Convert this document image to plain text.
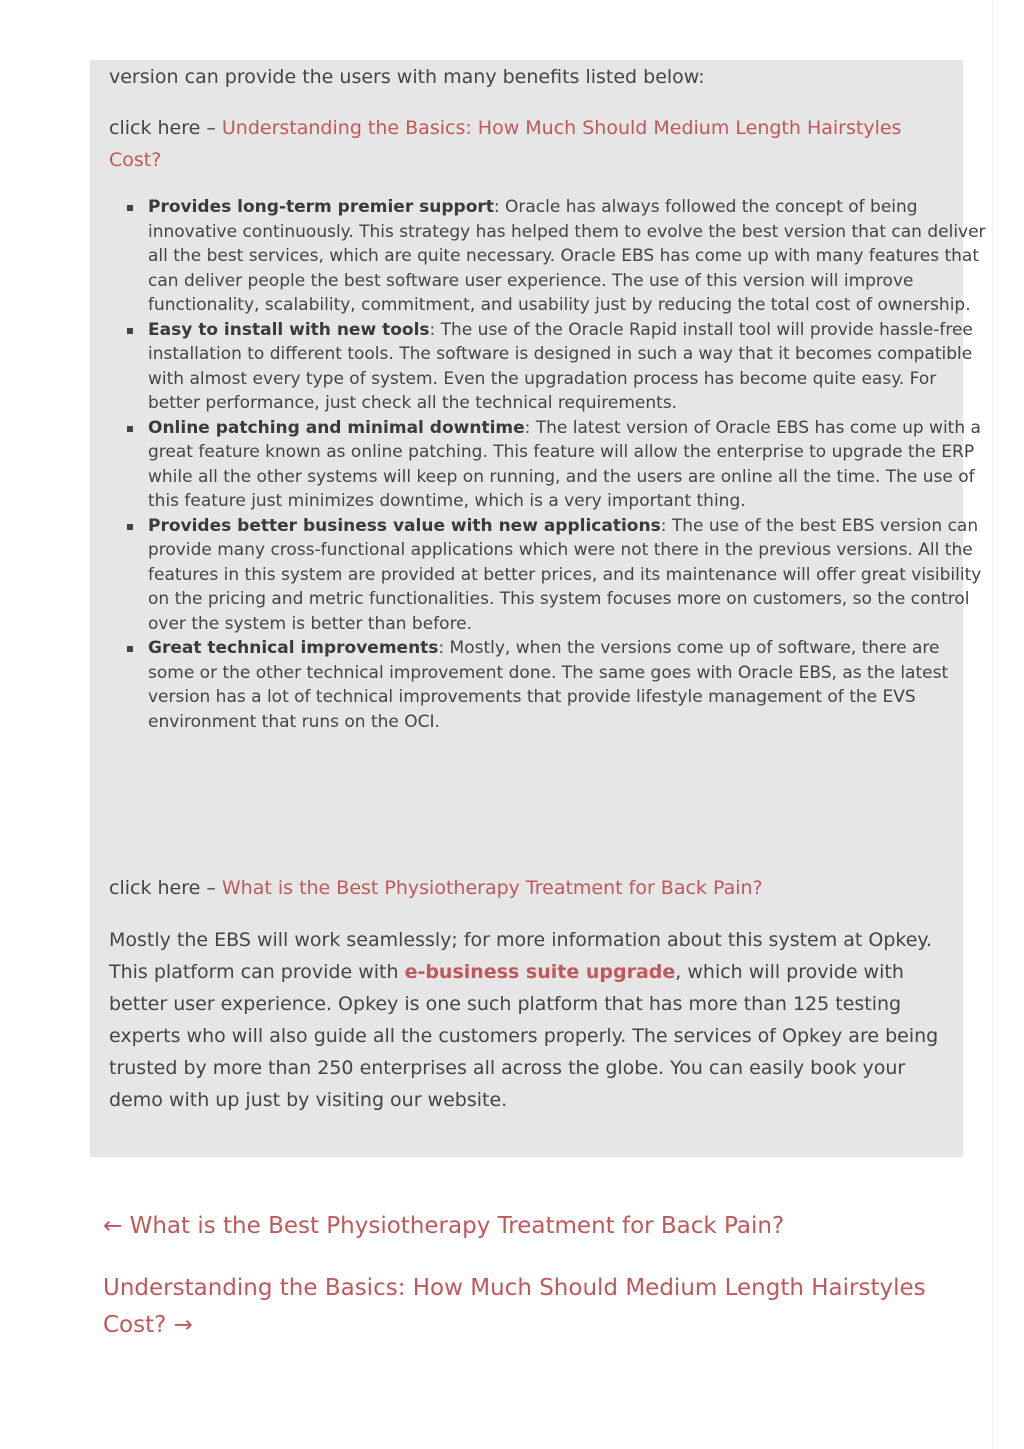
version can provide the users with many benefits listed below:

click here – Understanding the Basics: How Much Should Medium Length Hairstyles Cost?

Provides long-term premier support: Oracle has always followed the concept of being innovative continuously. This strategy has helped them to evolve the best version that can deliver all the best services, which are quite necessary. Oracle EBS has come up with many features that can deliver people the best software user experience. The use of this version will improve functionality, scalability, commitment, and usability just by reducing the total cost of ownership.
Easy to install with new tools: The use of the Oracle Rapid install tool will provide hassle-free installation to different tools. The software is designed in such a way that it becomes compatible with almost every type of system. Even the upgradation process has become quite easy. For better performance, just check all the technical requirements.
Online patching and minimal downtime: The latest version of Oracle EBS has come up with a great feature known as online patching. This feature will allow the enterprise to upgrade the ERP while all the other systems will keep on running, and the users are online all the time. The use of this feature just minimizes downtime, which is a very important thing.
Provides better business value with new applications: The use of the best EBS version can provide many cross-functional applications which were not there in the previous versions. All the features in this system are provided at better prices, and its maintenance will offer great visibility on the pricing and metric functionalities. This system focuses more on customers, so the control over the system is better than before.
Great technical improvements: Mostly, when the versions come up of software, there are some or the other technical improvement done. The same goes with Oracle EBS, as the latest version has a lot of technical improvements that provide lifestyle management of the EVS environment that runs on the OCI.

click here – What is the Best Physiotherapy Treatment for Back Pain?

Mostly the EBS will work seamlessly; for more information about this system at Opkey. This platform can provide with e-business suite upgrade, which will provide with better user experience. Opkey is one such platform that has more than 125 testing experts who will also guide all the customers properly. The services of Opkey are being trusted by more than 250 enterprises all across the globe. You can easily book your demo with up just by visiting our website.

← What is the Best Physiotherapy Treatment for Back Pain?
Understanding the Basics: How Much Should Medium Length Hairstyles Cost? →
